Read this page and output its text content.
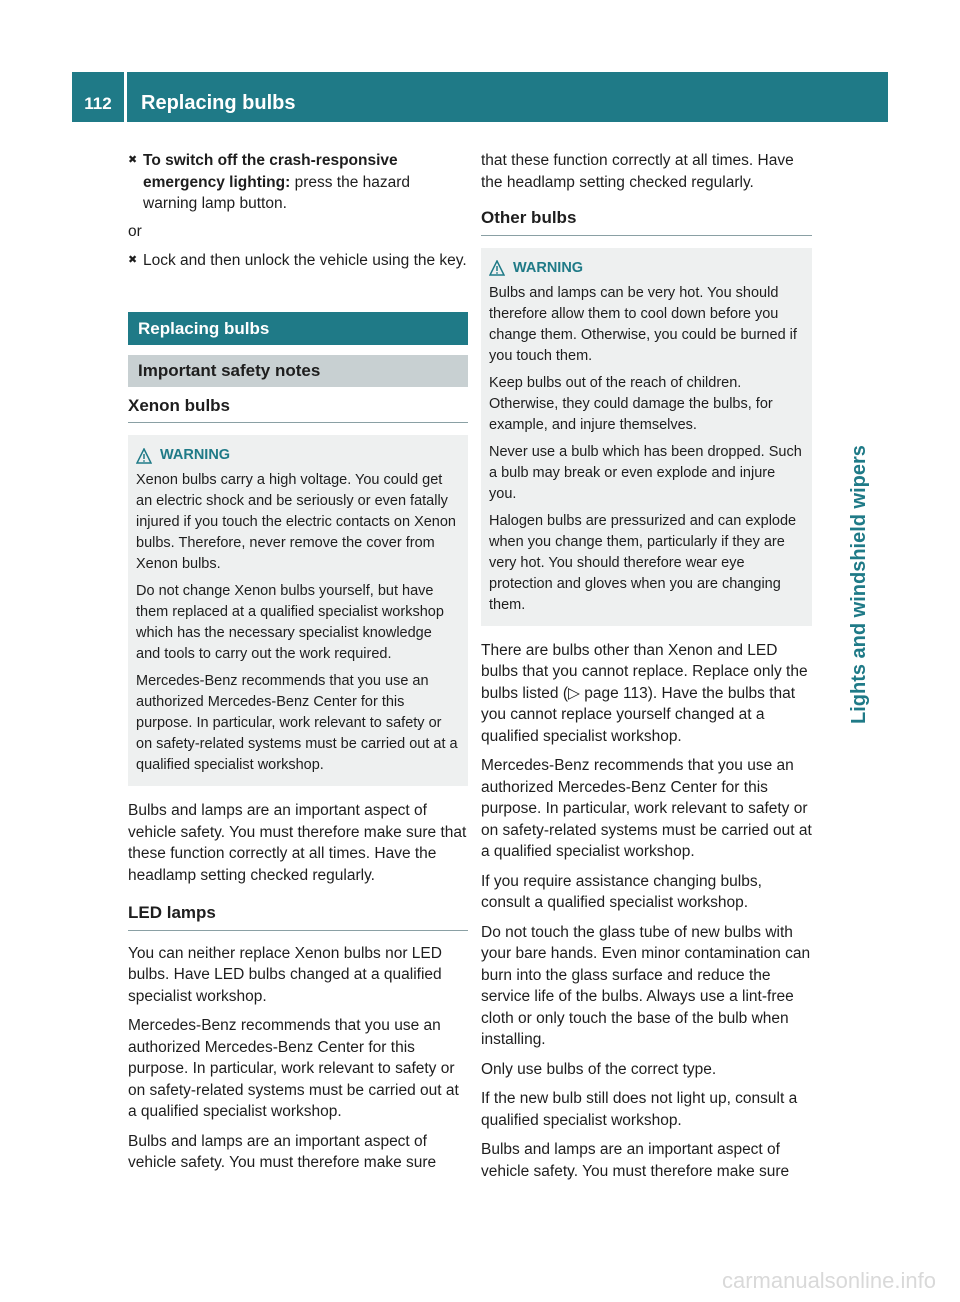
112	Replacing bulbs
Lights and windshield wipers
✖ To switch off the crash-responsive emergency lighting: press the hazard warning lamp button.

or

✖ Lock and then unlock the vehicle using the key.
Replacing bulbs
Important safety notes
Xenon bulbs
WARNING

Xenon bulbs carry a high voltage. You could get an electric shock and be seriously or even fatally injured if you touch the electric contacts on Xenon bulbs. Therefore, never remove the cover from Xenon bulbs.

Do not change Xenon bulbs yourself, but have them replaced at a qualified specialist workshop which has the necessary specialist knowledge and tools to carry out the work required.

Mercedes-Benz recommends that you use an authorized Mercedes-Benz Center for this purpose. In particular, work relevant to safety or on safety-related systems must be carried out at a qualified specialist workshop.

Bulbs and lamps are an important aspect of vehicle safety. You must therefore make sure that these function correctly at all times. Have the headlamp setting checked regularly.

LED lamps

You can neither replace Xenon bulbs nor LED bulbs. Have LED bulbs changed at a qualified specialist workshop.

Mercedes-Benz recommends that you use an authorized Mercedes-Benz Center for this purpose. In particular, work relevant to safety or on safety-related systems must be carried out at a qualified specialist workshop.

Bulbs and lamps are an important aspect of vehicle safety. You must therefore make sure

that these function correctly at all times. Have the headlamp setting checked regularly.

Other bulbs
WARNING

Bulbs and lamps can be very hot. You should therefore allow them to cool down before you change them. Otherwise, you could be burned if you touch them.

Keep bulbs out of the reach of children. Otherwise, they could damage the bulbs, for example, and injure themselves.

Never use a bulb which has been dropped. Such a bulb may break or even explode and injure you.

Halogen bulbs are pressurized and can explode when you change them, particularly if they are very hot. You should therefore wear eye protection and gloves when you are changing them.

There are bulbs other than Xenon and LED bulbs that you cannot replace. Replace only the bulbs listed (▷ page 113). Have the bulbs that you cannot replace yourself changed at a qualified specialist workshop.

Mercedes-Benz recommends that you use an authorized Mercedes-Benz Center for this purpose. In particular, work relevant to safety or on safety-related systems must be carried out at a qualified specialist workshop.

If you require assistance changing bulbs, consult a qualified specialist workshop.

Do not touch the glass tube of new bulbs with your bare hands. Even minor contamination can burn into the glass surface and reduce the service life of the bulbs. Always use a lint-free cloth or only touch the base of the bulb when installing.

Only use bulbs of the correct type.

If the new bulb still does not light up, consult a qualified specialist workshop.

Bulbs and lamps are an important aspect of vehicle safety. You must therefore make sure

carmanualsonline.info
